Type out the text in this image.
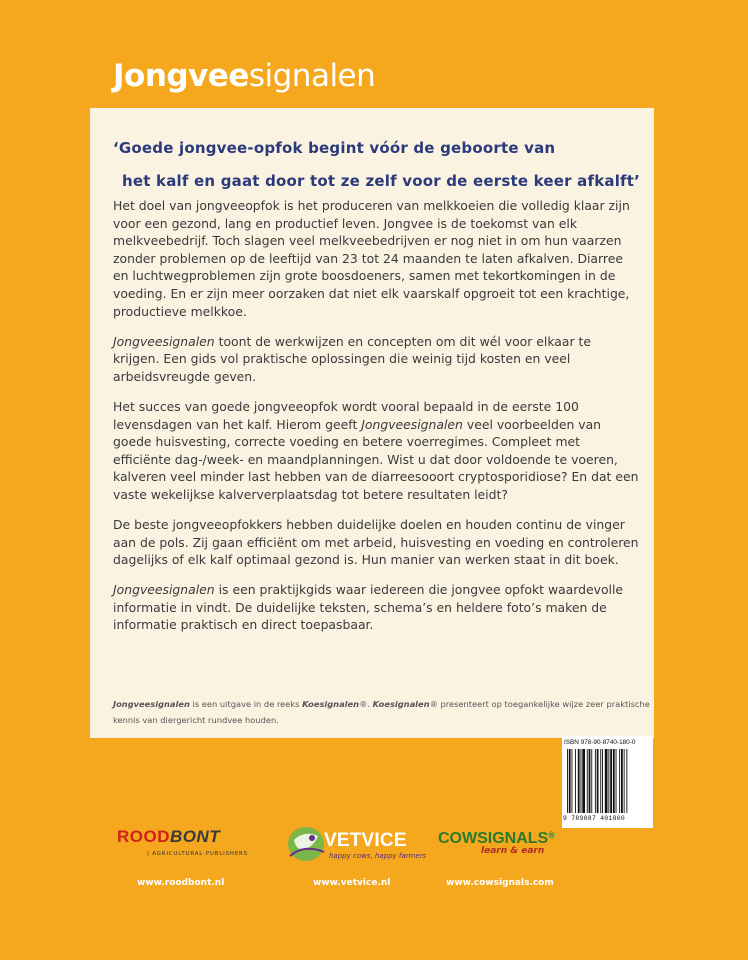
Jongveesignalen
‘Goede jongvee-opfok begint vóór de geboorte van

het kalf en gaat door tot ze zelf voor de eerste keer afkalft’

Het doel van jongveeopfok is het produceren van melkkoeien die volledig klaar zijn voor een gezond, lang en productief leven. Jongvee is de toekomst van elk melkveebedrijf. Toch slagen veel melkveebedrijven er nog niet in om hun vaarzen zonder problemen op de leeftijd van 23 tot 24 maanden te laten afkalven. Diarree en luchtwegproblemen zijn grote boosdoeners, samen met tekortkomingen in de voeding. En er zijn meer oorzaken dat niet elk vaarskalf opgroeit tot een krachtige, productieve melkkoe.

Jongveesignalen toont de werkwijzen en concepten om dit wél voor elkaar te krijgen. Een gids vol praktische oplossingen die weinig tijd kosten en veel arbeidsvreugde geven.

Het succes van goede jongveeopfok wordt vooral bepaald in de eerste 100 levensdagen van het kalf. Hierom geeft Jongveesignalen veel voorbeelden van goede huisvesting, correcte voeding en betere voerregimes. Compleet met efficiënte dag-/week- en maandplanningen. Wist u dat door voldoende te voeren, kalveren veel minder last hebben van de diarreesooort cryptosporidiose? En dat een vaste wekelijkse kalververplaatsdag tot betere resultaten leidt?

De beste jongveeopfokkers hebben duidelijke doelen en houden continu de vinger aan de pols. Zij gaan efficiënt om met arbeid, huisvesting en voeding en controleren dagelijks of elk kalf optimaal gezond is. Hun manier van werken staat in dit boek.

Jongveesignalen is een praktijkgids waar iedereen die jongvee opfokt waardevolle informatie in vindt. De duidelijke teksten, schema’s en heldere foto’s maken de informatie praktisch en direct toepasbaar.

Jongveesignalen is een uitgave in de reeks Koesignalen®. Koesignalen® presenteert op toegankelijke wijze zeer praktische kennis van diergericht rundvee houden.
ISBN 978-90-8740-180-0
9 789087 401800
ROODBONT
| AGRICULTURAL PUBLISHERS
VETVICE
happy cows, happy farmers
COWSIGNALS®
learn & earn
www.roodbont.nl	www.vetvice.nl	www.cowsignals.com
